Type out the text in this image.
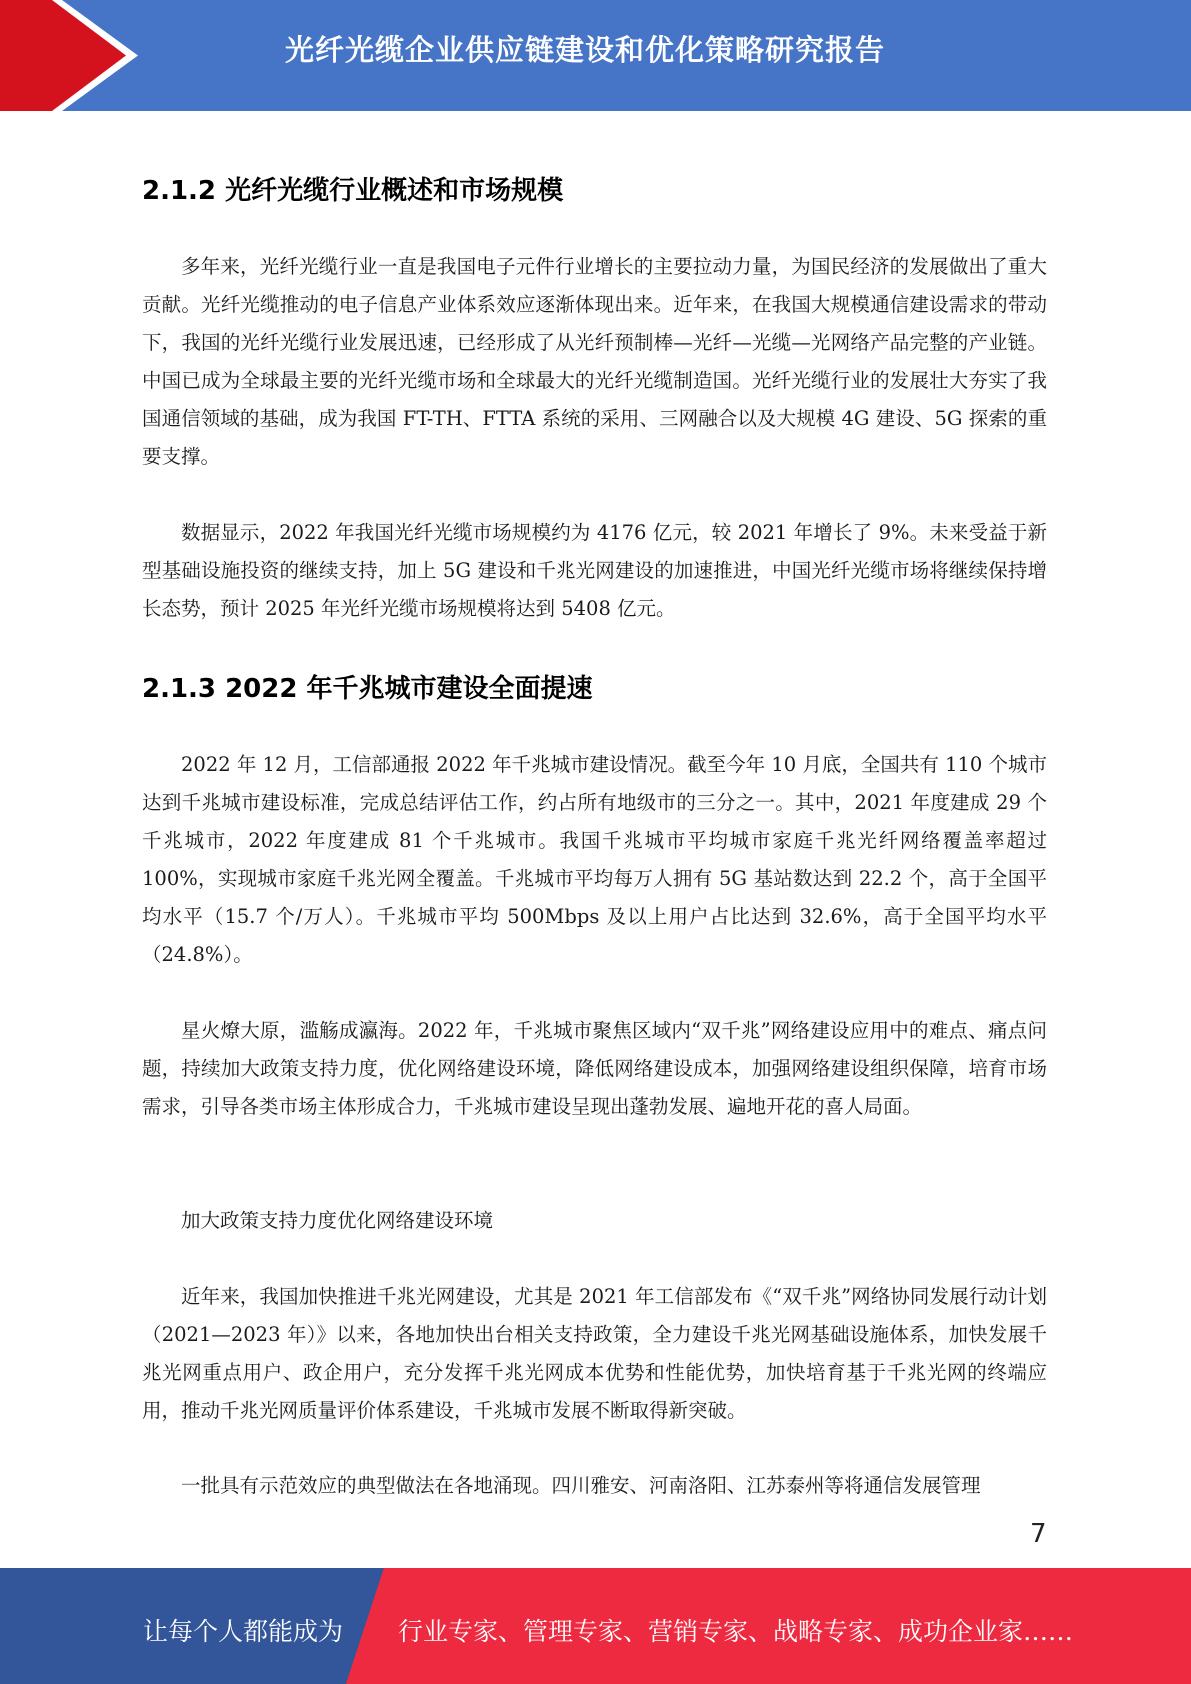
光纤光缆企业供应链建设和优化策略研究报告
2.1.2 光纤光缆行业概述和市场规模
多年来，光纤光缆行业一直是我国电子元件行业增长的主要拉动力量，为国民经济的发展做出了重大贡献。光纤光缆推动的电子信息产业体系效应逐渐体现出来。近年来，在我国大规模通信建设需求的带动下，我国的光纤光缆行业发展迅速，已经形成了从光纤预制棒—光纤—光缆—光网络产品完整的产业链。中国已成为全球最主要的光纤光缆市场和全球最大的光纤光缆制造国。光纤光缆行业的发展壮大夯实了我国通信领域的基础，成为我国 FT-TH、FTTA 系统的采用、三网融合以及大规模 4G 建设、5G 探索的重要支撑。
数据显示，2022 年我国光纤光缆市场规模约为 4176 亿元，较 2021 年增长了 9%。未来受益于新型基础设施投资的继续支持，加上 5G 建设和千兆光网建设的加速推进，中国光纤光缆市场将继续保持增长态势，预计 2025 年光纤光缆市场规模将达到 5408 亿元。
2.1.3 2022 年千兆城市建设全面提速
2022 年 12 月，工信部通报 2022 年千兆城市建设情况。截至今年 10 月底，全国共有 110 个城市达到千兆城市建设标准，完成总结评估工作，约占所有地级市的三分之一。其中，2021 年度建成 29 个千兆城市，2022 年度建成 81 个千兆城市。我国千兆城市平均城市家庭千兆光纤网络覆盖率超过 100%，实现城市家庭千兆光网全覆盖。千兆城市平均每万人拥有 5G 基站数达到 22.2 个，高于全国平均水平（15.7 个/万人）。千兆城市平均 500Mbps 及以上用户占比达到 32.6%，高于全国平均水平（24.8%）。
星火燎大原，滥觞成瀛海。2022 年，千兆城市聚焦区域内“双千兆”网络建设应用中的难点、痛点问题，持续加大政策支持力度，优化网络建设环境，降低网络建设成本，加强网络建设组织保障，培育市场需求，引导各类市场主体形成合力，千兆城市建设呈现出蓬勃发展、遍地开花的喜人局面。
加大政策支持力度优化网络建设环境
近年来，我国加快推进千兆光网建设，尤其是 2021 年工信部发布《“双千兆”网络协同发展行动计划（2021—2023 年）》以来，各地加快出台相关支持政策，全力建设千兆光网基础设施体系，加快发展千兆光网重点用户、政企用户，充分发挥千兆光网成本优势和性能优势，加快培育基于千兆光网的终端应用，推动千兆光网质量评价体系建设，千兆城市发展不断取得新突破。
一批具有示范效应的典型做法在各地涌现。四川雅安、河南洛阳、江苏泰州等将通信发展管理
7
让每个人都能成为 行业专家、管理专家、营销专家、战略专家、成功企业家……
